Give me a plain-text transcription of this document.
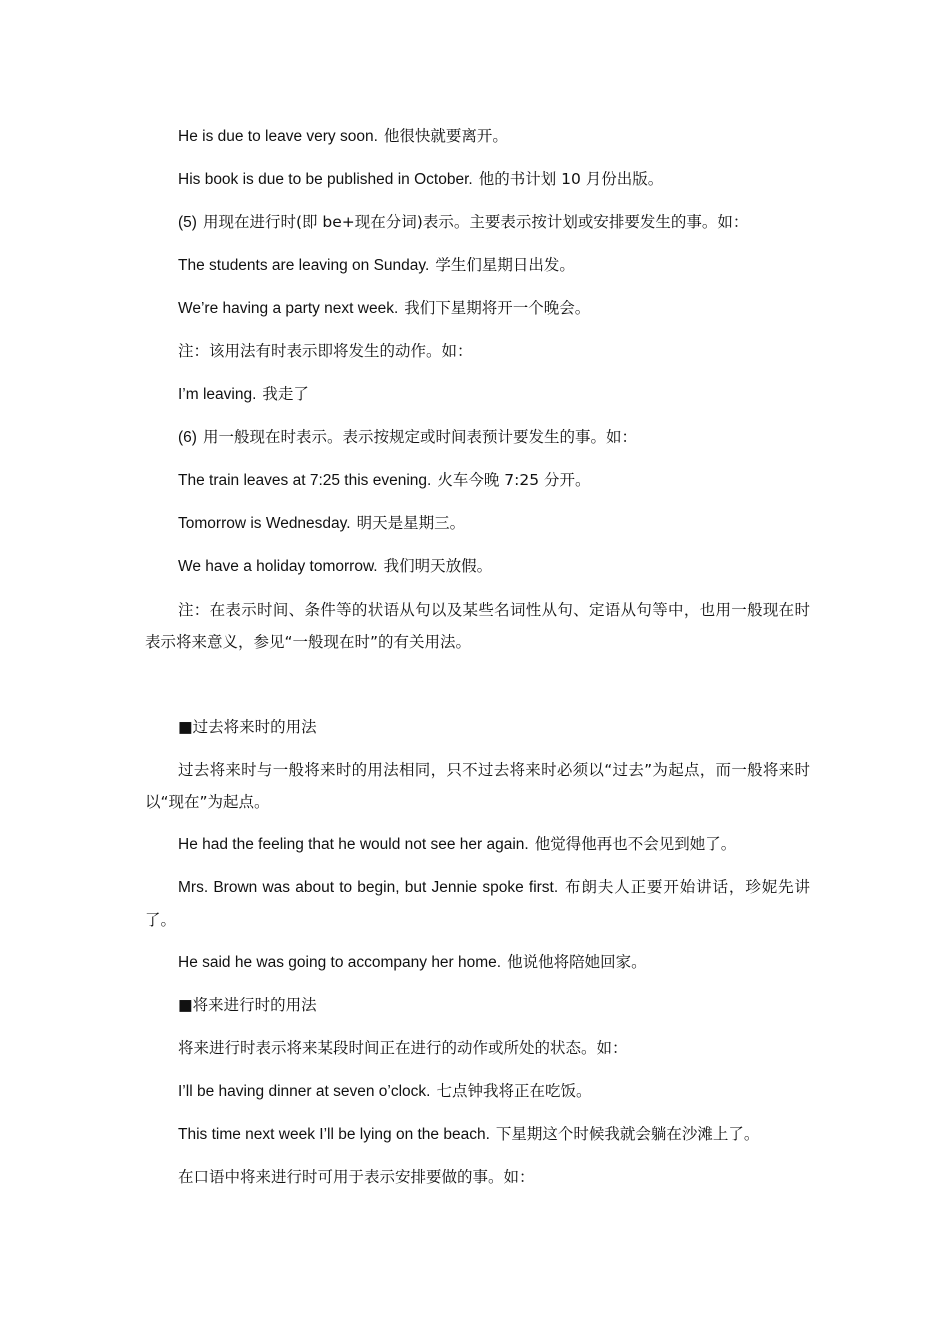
He is due to leave very soon. 他很快就要离开。
His book is due to be published in October. 他的书计划 10 月份出版。
(5) 用现在进行时(即 be+现在分词)表示。主要表示按计划或安排要发生的事。如：
The students are leaving on Sunday. 学生们星期日出发。
We’re having a party next week. 我们下星期将开一个晚会。
注：该用法有时表示即将发生的动作。如：
I’m leaving. 我走了
(6) 用一般现在时表示。表示按规定或时间表预计要发生的事。如：
The train leaves at 7:25 this evening. 火车今晚 7:25 分开。
Tomorrow is Wednesday. 明天是星期三。
We have a holiday tomorrow. 我们明天放假。
注：在表示时间、条件等的状语从句以及某些名词性从句、定语从句等中，也用一般现在时表示将来意义，参见“一般现在时”的有关用法。
■过去将来时的用法
过去将来时与一般将来时的用法相同，只不过去将来时必须以“过去”为起点，而一般将来时以“现在”为起点。
He had the feeling that he would not see her again. 他觉得他再也不会见到她了。
Mrs. Brown was about to begin, but Jennie spoke first. 布朗夫人正要开始讲话，珍妮先讲了。
He said he was going to accompany her home. 他说他将陪她回家。
■将来进行时的用法
将来进行时表示将来某段时间正在进行的动作或所处的状态。如：
I’ll be having dinner at seven o’clock. 七点钟我将正在吃饭。
This time next week I’ll be lying on the beach. 下星期这个时候我就会躺在沙滩上了。
在口语中将来进行时可用于表示安排要做的事。如：
